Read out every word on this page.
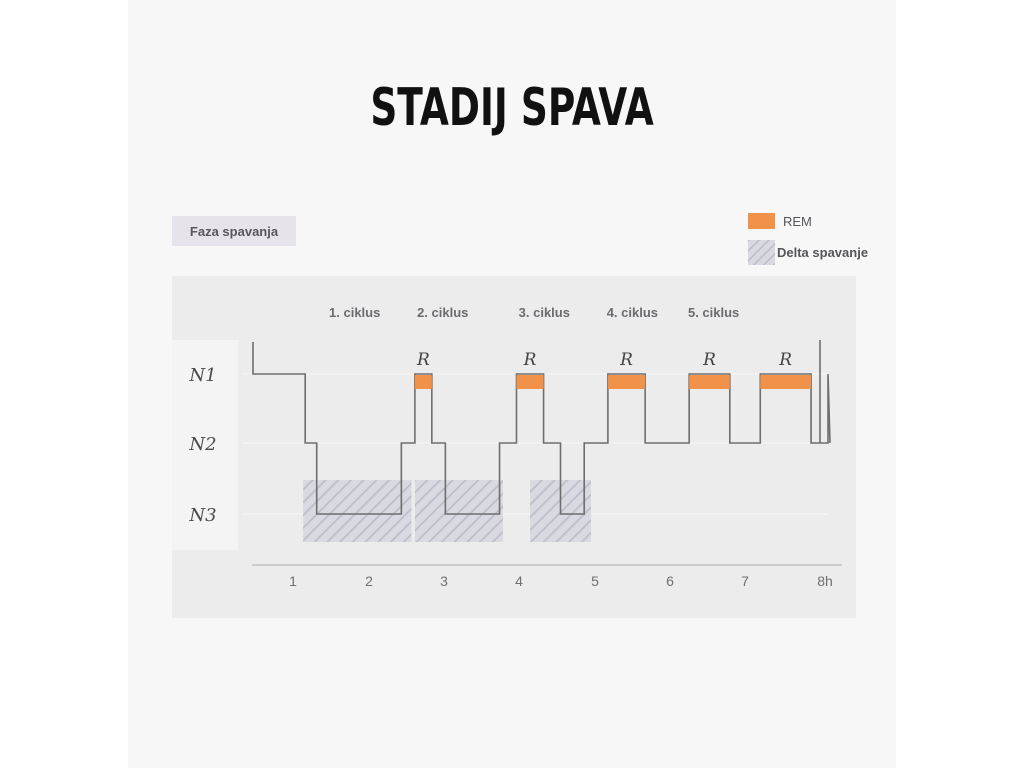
STADIJ SPAVA
Faza spavanja
REM
Delta spavanje
R	R	R	R	R
1. ciklus	2. ciklus	3. ciklus	4. ciklus 5. ciklus
N1
N2
N3
1	2	3	4	5	6	7	8h
